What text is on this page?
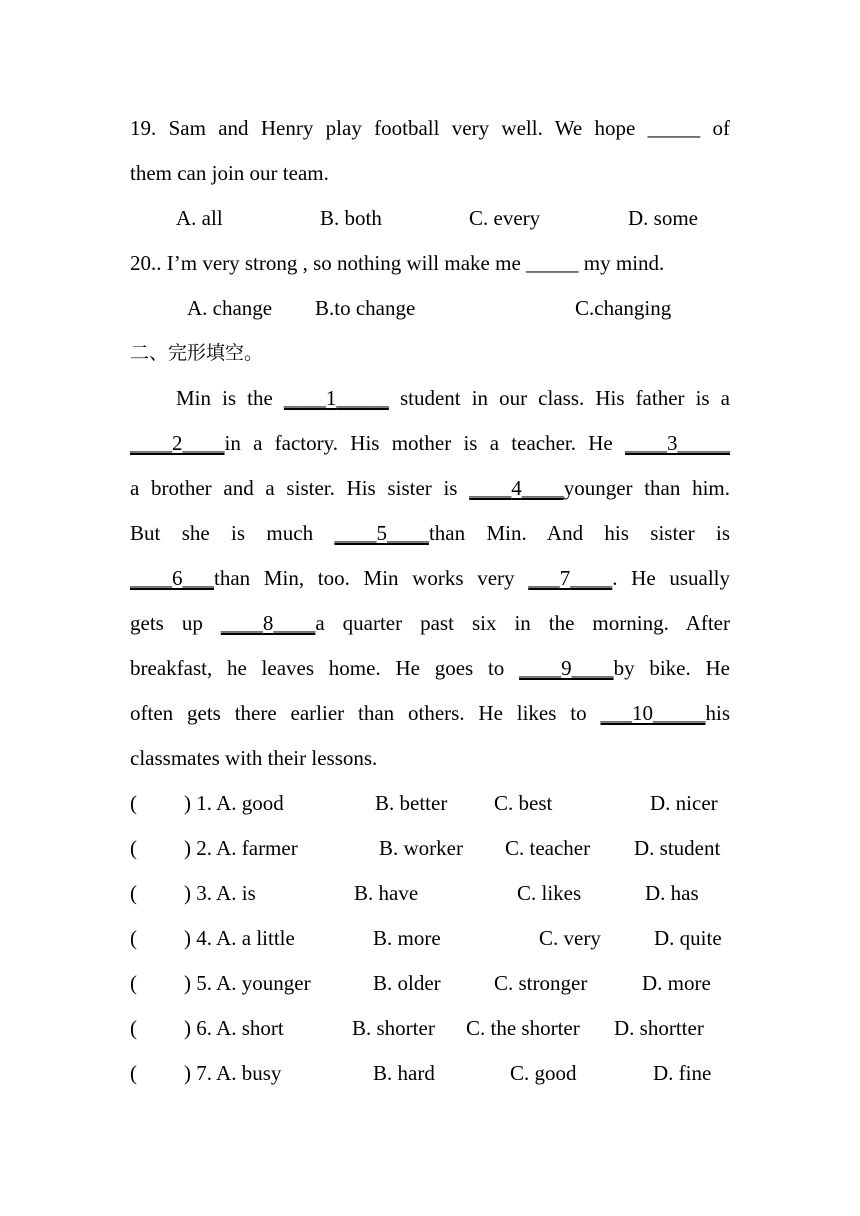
19. Sam and Henry play football very well. We hope _____ of
them can join our team.
A. all	B. both	C. every	D. some
20.. I’m very strong , so nothing will make me _____ my mind.
A. change B.to change	C.changing
二、完形填空。
Min is the ____1_____ student in our class. His father is a
____2____in a factory. His mother is a teacher. He ____3_____
a brother and a sister. His sister is ____4____younger than him.
But she is much ____5____than Min. And his sister is
____6___than Min, too. Min works very ___7____. He usually
gets up ____8____a quarter past six in the morning. After
breakfast, he leaves home. He goes to ____9____by bike. He
often gets there earlier than others. He likes to ___10_____his
classmates with their lessons.
( ) 1. A. good	B. better C. best	D. nicer
( ) 2. A. farmer	B. worker C. teacher D. student
( ) 3. A. is	B. have	C. likes	D. has
( ) 4. A. a little	B. more	C. very	D. quite
( ) 5. A. younger	B. older	C. stronger	D. more
( ) 6. A. short	B. shorter C. the shorter D. shortter
( ) 7. A. busy	B. hard	C. good	D. fine
